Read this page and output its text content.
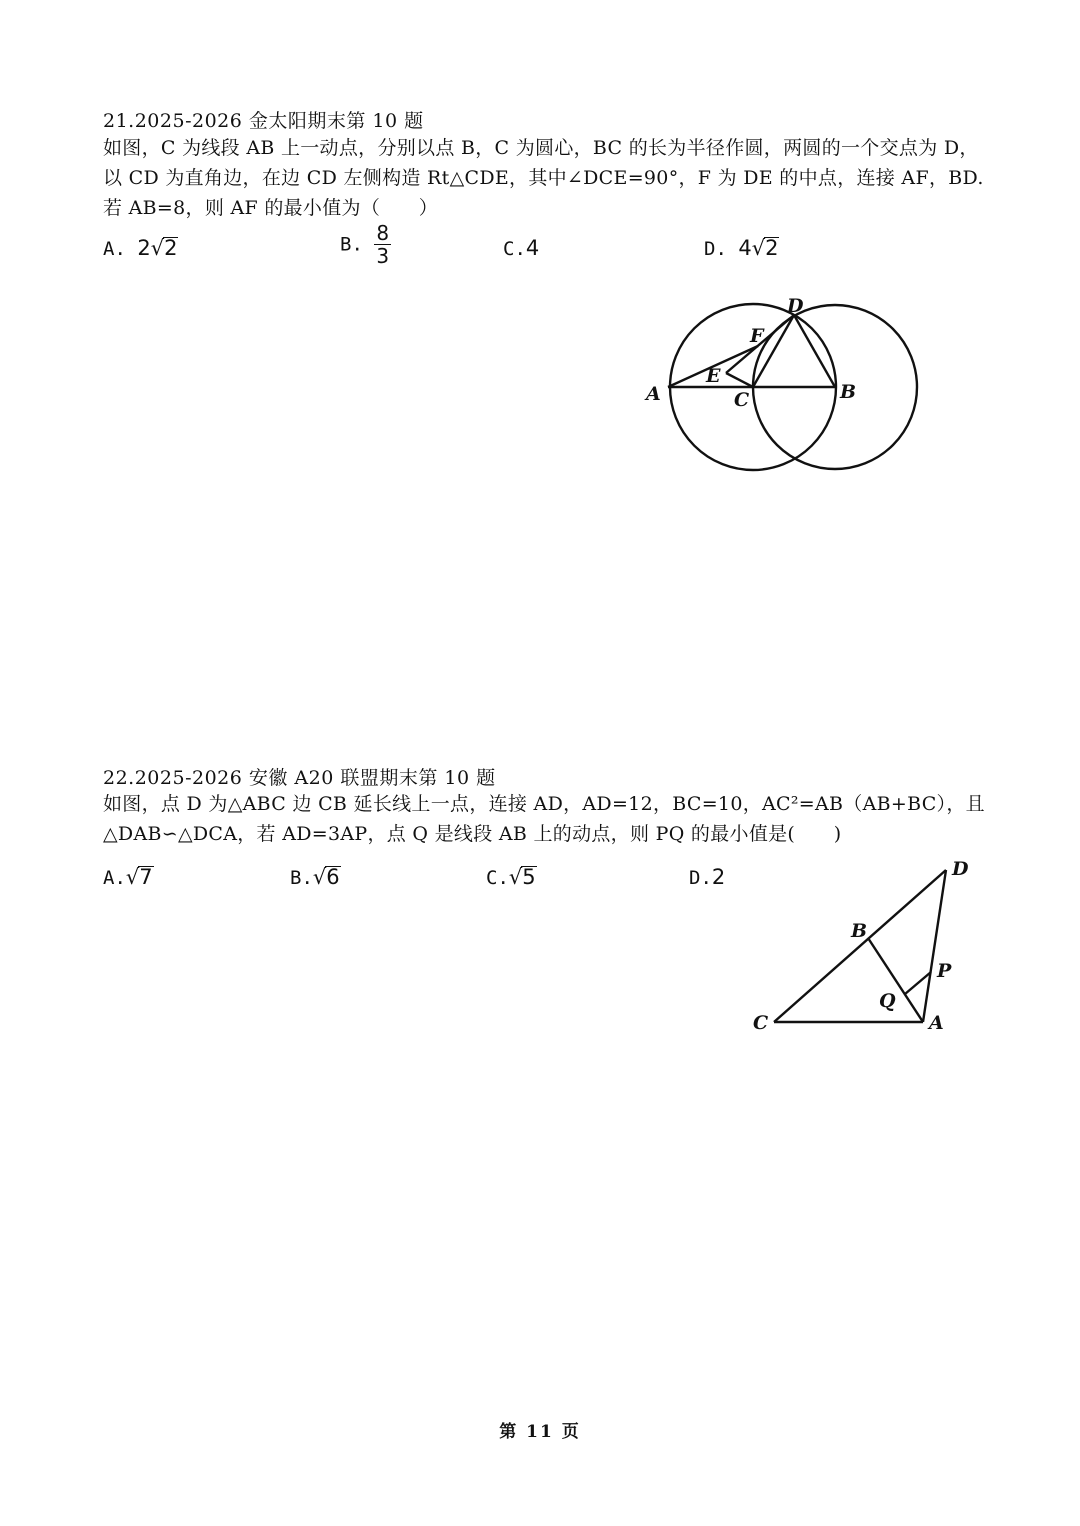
21.2025-2026 金太阳期末第 10 题
如图，C 为线段 AB 上一动点，分别以点 B，C 为圆心，BC 的长为半径作圆，两圆的一个交点为 D，以 CD 为直角边，在边 CD 左侧构造 Rt△CDE，其中∠DCE=90°，F 为 DE 的中点，连接 AF，BD.若 AB=8，则 AF 的最小值为（　　）
A. 2√2	B. $\frac{8}{3}$	C.4	D. 4√2
A	B
C
D
E
F
22.2025-2026 安徽 A20 联盟期末第 10 题
如图，点 D 为△ABC 边 CB 延长线上一点，连接 AD，AD=12，BC=10，AC²=AB（AB+BC），且△DAB∽△DCA，若 AD=3AP，点 Q 是线段 AB 上的动点，则 PQ 的最小值是(　　)
A.√7	B.√6	C.√5	D.2
C	A
B
D
P
Q
第 11 页
